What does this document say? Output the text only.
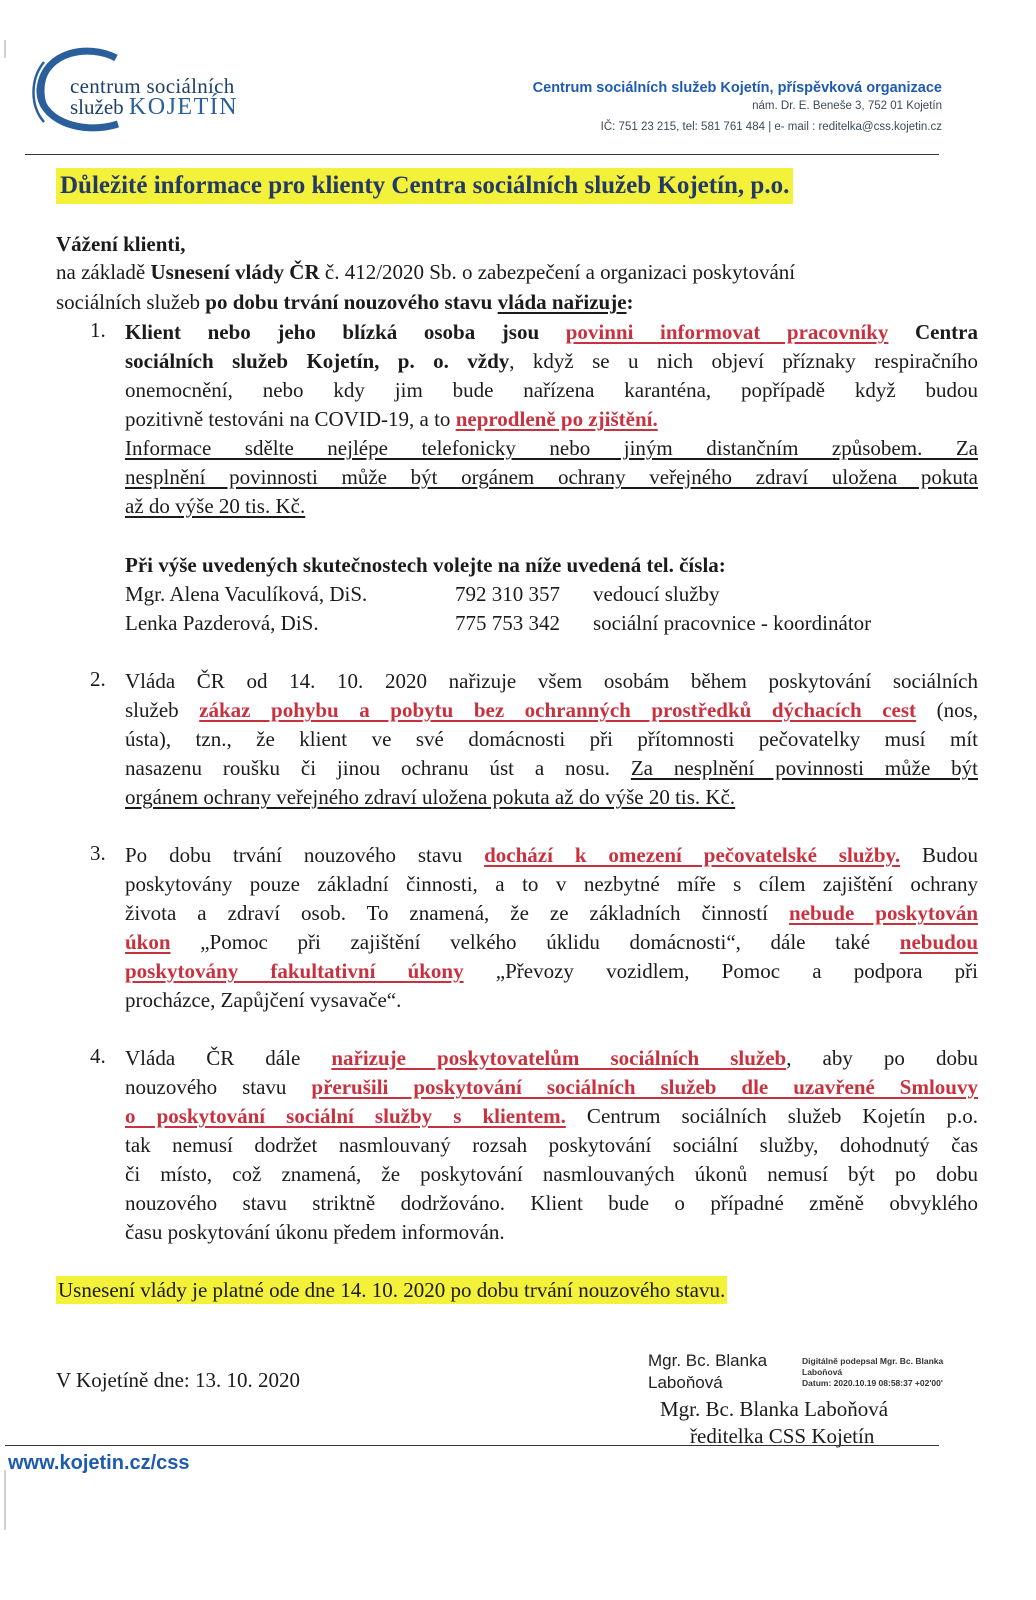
centrum sociálních
služeb KOJETÍN
Centrum sociálních služeb Kojetín, příspěvková organizace
nám. Dr. E. Beneše 3, 752 01 Kojetín
IČ: 751 23 215, tel: 581 761 484 | e- mail : reditelka@css.kojetin.cz
Důležité informace pro klienty Centra sociálních služeb Kojetín, p.o.
Vážení klienti,
na základě Usnesení vlády ČR č. 412/2020 Sb. o zabezpečení a organizaci poskytování
sociálních služeb po dobu trvání nouzového stavu vláda nařizuje:
1. Klient nebo jeho blízká osoba jsou povinni informovat pracovníky Centra
sociálních služeb Kojetín, p. o. vždy, když se u nich objeví příznaky respiračního
onemocnění, nebo kdy jim bude nařízena karanténa, popřípadě když budou
pozitivně testováni na COVID-19, a to neprodleně po zjištění.
Informace sdělte nejlépe telefonicky nebo jiným distančním způsobem. Za
nesplnění povinnosti může být orgánem ochrany veřejného zdraví uložena pokuta
až do výše 20 tis. Kč.
Při výše uvedených skutečnostech volejte na níže uvedená tel. čísla:
Mgr. Alena Vaculíková, DiS.	792 310 357 vedoucí služby
Lenka Pazderová, DiS.	775 753 342 sociální pracovnice - koordinátor
2. Vláda ČR od 14. 10. 2020 nařizuje všem osobám během poskytování sociálních
služeb zákaz pohybu a pobytu bez ochranných prostředků dýchacích cest (nos,
ústa), tzn., že klient ve své domácnosti při přítomnosti pečovatelky musí mít
nasazenu roušku či jinou ochranu úst a nosu. Za nesplnění povinnosti může být
orgánem ochrany veřejného zdraví uložena pokuta až do výše 20 tis. Kč.
3. Po dobu trvání nouzového stavu dochází k omezení pečovatelské služby. Budou
poskytovány pouze základní činnosti, a to v nezbytné míře s cílem zajištění ochrany
života a zdraví osob. To znamená, že ze základních činností nebude poskytován
úkon „Pomoc při zajištění velkého úklidu domácnosti“, dále také nebudou
poskytovány fakultativní úkony „Převozy vozidlem, Pomoc a podpora při
procházce, Zapůjčení vysavače“.
4. Vláda ČR dále nařizuje poskytovatelům sociálních služeb, aby po dobu
nouzového stavu přerušili poskytování sociálních služeb dle uzavřené Smlouvy
o poskytování sociální služby s klientem. Centrum sociálních služeb Kojetín p.o.
tak nemusí dodržet nasmlouvaný rozsah poskytování sociální služby, dohodnutý čas
či místo, což znamená, že poskytování nasmlouvaných úkonů nemusí být po dobu
nouzového stavu striktně dodržováno. Klient bude o případné změně obvyklého
času poskytování úkonu předem informován.
Usnesení vlády je platné ode dne 14. 10. 2020 po dobu trvání nouzového stavu.
V Kojetíně dne: 13. 10. 2020
Mgr. Bc. Blanka
Laboňová
Digitálně podepsal Mgr. Bc. Blanka
Laboňová
Datum: 2020.10.19 08:58:37 +02'00'
Mgr. Bc. Blanka Laboňová
ředitelka CSS Kojetín
www.kojetin.cz/css
